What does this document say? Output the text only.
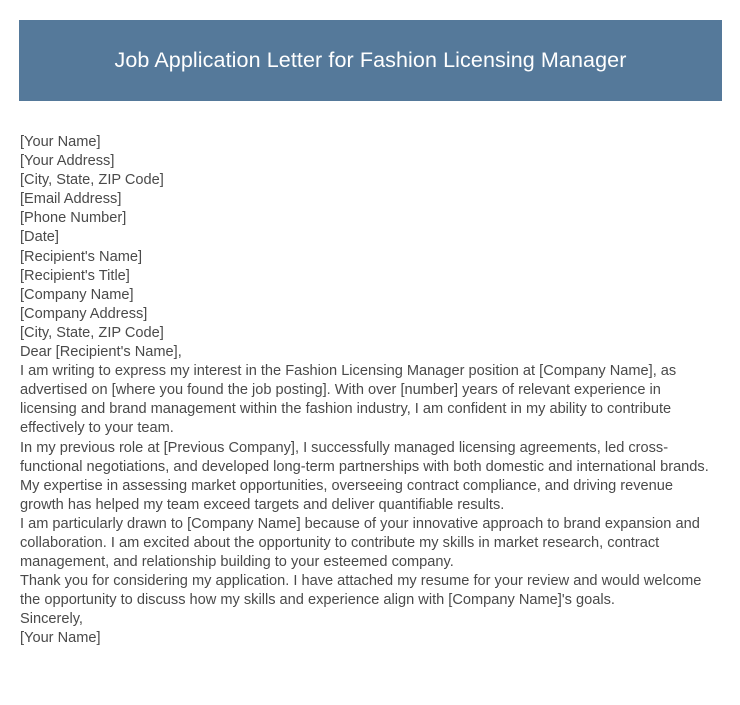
Job Application Letter for Fashion Licensing Manager
[Your Name]
[Your Address]
[City, State, ZIP Code]
[Email Address]
[Phone Number]
[Date]
[Recipient's Name]
[Recipient's Title]
[Company Name]
[Company Address]
[City, State, ZIP Code]
Dear [Recipient's Name],

I am writing to express my interest in the Fashion Licensing Manager position at [Company Name], as advertised on [where you found the job posting]. With over [number] years of relevant experience in licensing and brand management within the fashion industry, I am confident in my ability to contribute effectively to your team.

In my previous role at [Previous Company], I successfully managed licensing agreements, led cross-functional negotiations, and developed long-term partnerships with both domestic and international brands. My expertise in assessing market opportunities, overseeing contract compliance, and driving revenue growth has helped my team exceed targets and deliver quantifiable results.

I am particularly drawn to [Company Name] because of your innovative approach to brand expansion and collaboration. I am excited about the opportunity to contribute my skills in market research, contract management, and relationship building to your esteemed company.

Thank you for considering my application. I have attached my resume for your review and would welcome the opportunity to discuss how my skills and experience align with [Company Name]'s goals.

Sincerely,
[Your Name]
